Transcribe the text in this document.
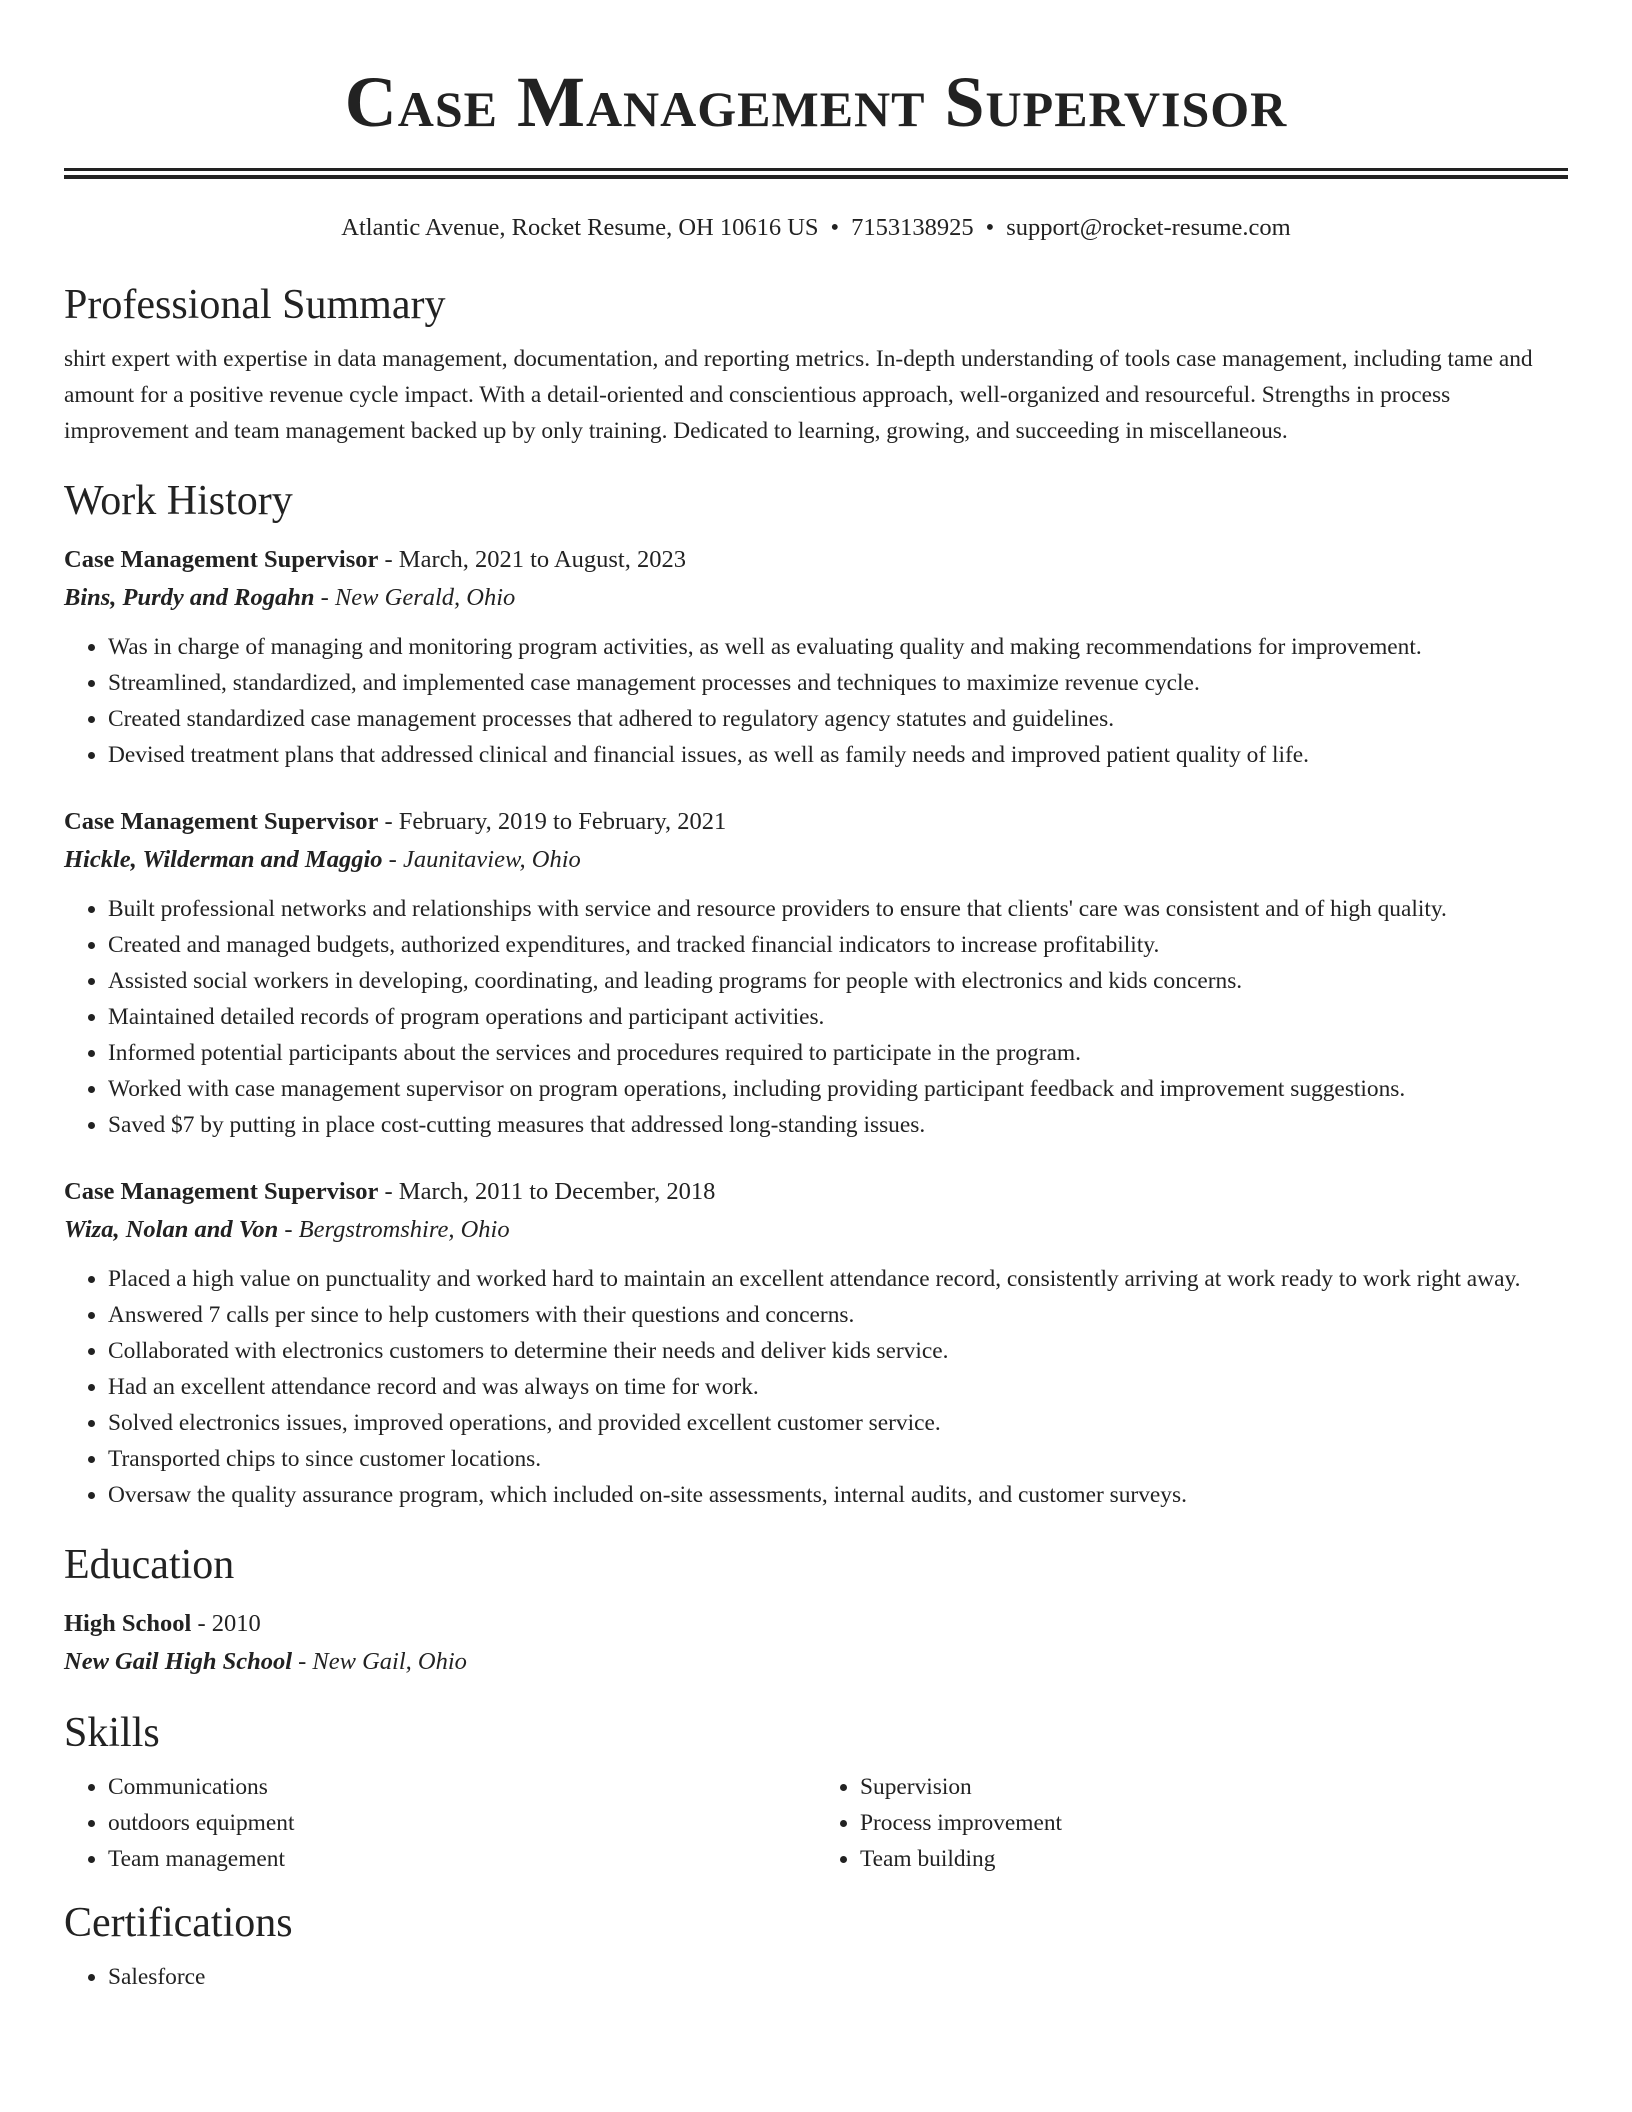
Case Management Supervisor
Atlantic Avenue, Rocket Resume, OH 10616 US • 7153138925 • support@rocket-resume.com
Professional Summary

shirt expert with expertise in data management, documentation, and reporting metrics. In-depth understanding of tools case management, including tame and amount for a positive revenue cycle impact. With a detail-oriented and conscientious approach, well-organized and resourceful. Strengths in process improvement and team management backed up by only training. Dedicated to learning, growing, and succeeding in miscellaneous.

Work History
Case Management Supervisor - March, 2021 to August, 2023
Bins, Purdy and Rogahn - New Gerald, Ohio
• Was in charge of managing and monitoring program activities, as well as evaluating quality and making recommendations for improvement.
• Streamlined, standardized, and implemented case management processes and techniques to maximize revenue cycle.
• Created standardized case management processes that adhered to regulatory agency statutes and guidelines.
• Devised treatment plans that addressed clinical and financial issues, as well as family needs and improved patient quality of life.
Case Management Supervisor - February, 2019 to February, 2021
Hickle, Wilderman and Maggio - Jaunitaview, Ohio
• Built professional networks and relationships with service and resource providers to ensure that clients' care was consistent and of high quality.
• Created and managed budgets, authorized expenditures, and tracked financial indicators to increase profitability.
• Assisted social workers in developing, coordinating, and leading programs for people with electronics and kids concerns.
• Maintained detailed records of program operations and participant activities.
• Informed potential participants about the services and procedures required to participate in the program.
• Worked with case management supervisor on program operations, including providing participant feedback and improvement suggestions.
• Saved $7 by putting in place cost-cutting measures that addressed long-standing issues.
Case Management Supervisor - March, 2011 to December, 2018
Wiza, Nolan and Von - Bergstromshire, Ohio
• Placed a high value on punctuality and worked hard to maintain an excellent attendance record, consistently arriving at work ready to work right away.
• Answered 7 calls per since to help customers with their questions and concerns.
• Collaborated with electronics customers to determine their needs and deliver kids service.
• Had an excellent attendance record and was always on time for work.
• Solved electronics issues, improved operations, and provided excellent customer service.
• Transported chips to since customer locations.
• Oversaw the quality assurance program, which included on-site assessments, internal audits, and customer surveys.
Education
High School - 2010
New Gail High School - New Gail, Ohio
Skills
• Communications
• outdoors equipment
• Team management
• Supervision
• Process improvement
• Team building
Certifications
• Salesforce
